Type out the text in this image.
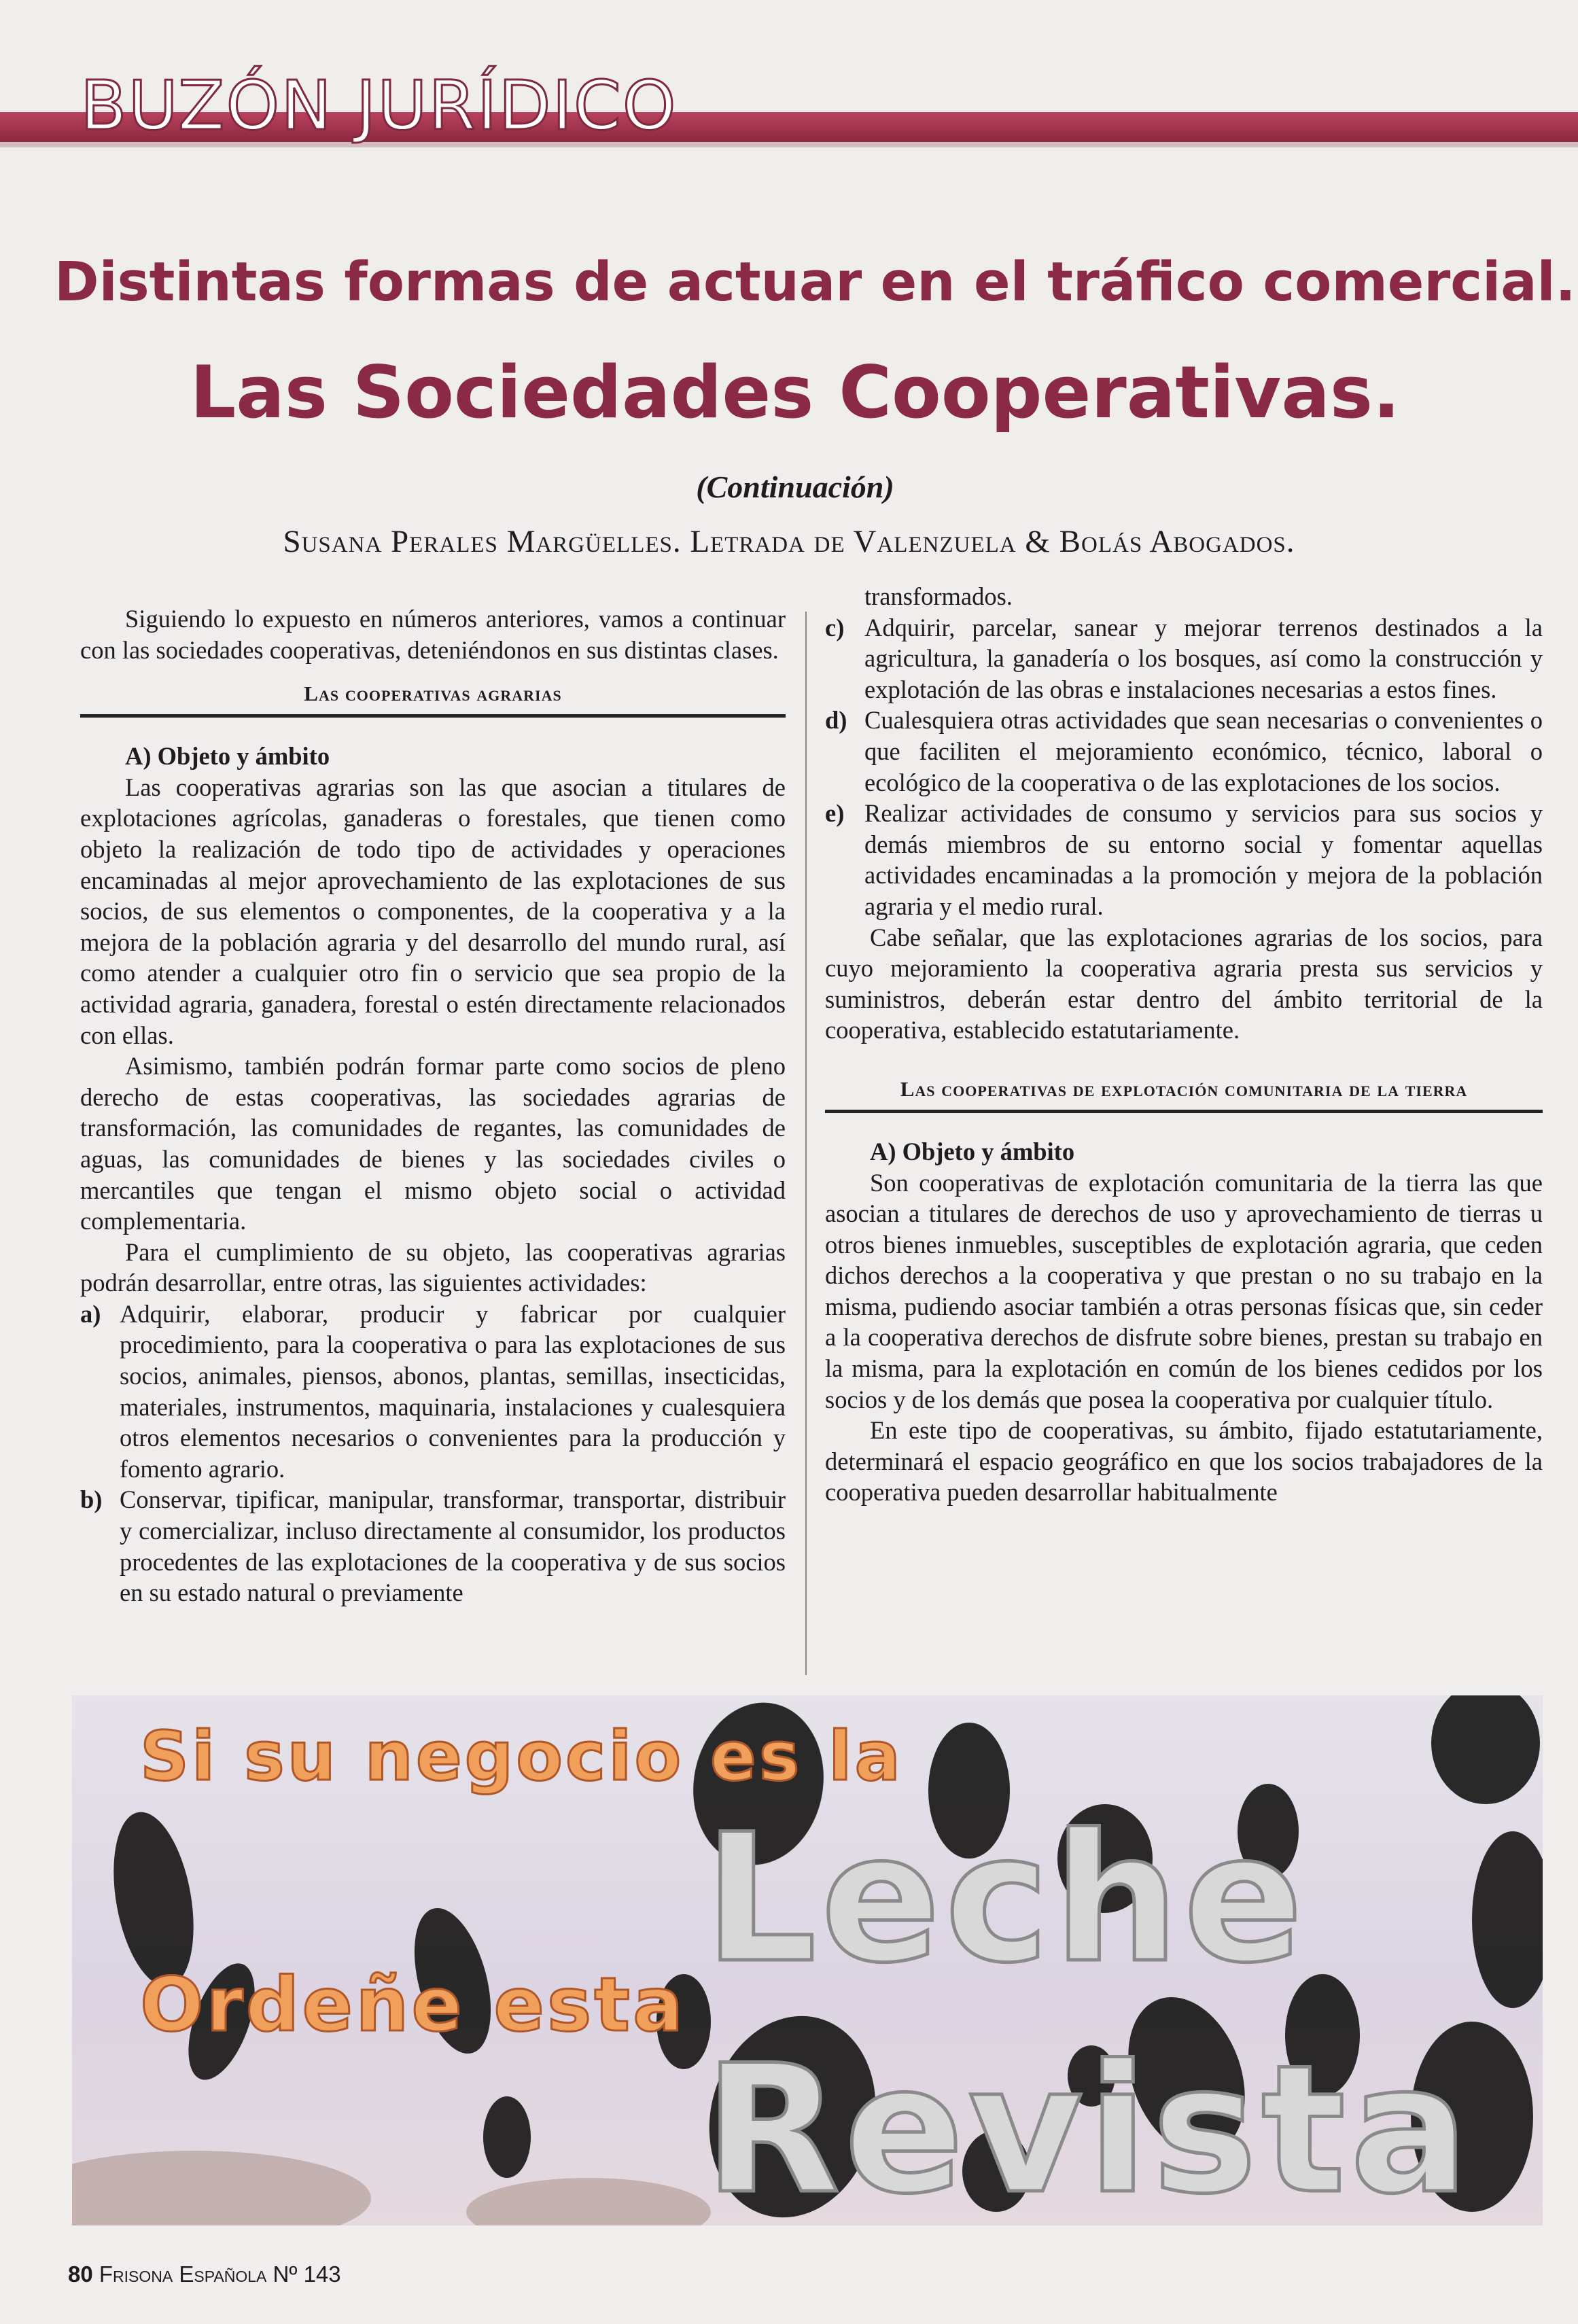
BUZÓN JURÍDICO
Distintas formas de actuar en el tráfico comercial.
Las Sociedades Cooperativas.
(Continuación)
Susana Perales Margüelles. Letrada de Valenzuela & Bolás Abogados.

Siguiendo lo expuesto en números anteriores, vamos a continuar con las sociedades cooperativas, deteniéndonos en sus distintas clases.

Las cooperativas agrarias

A) Objeto y ámbito

Las cooperativas agrarias son las que asocian a titulares de explotaciones agrícolas, ganaderas o forestales, que tienen como objeto la realización de todo tipo de actividades y operaciones encaminadas al mejor aprovechamiento de las explotaciones de sus socios, de sus elementos o componentes, de la cooperativa y a la mejora de la población agraria y del desarrollo del mundo rural, así como atender a cualquier otro fin o servicio que sea propio de la actividad agraria, ganadera, forestal o estén directamente relacionados con ellas.

Asimismo, también podrán formar parte como socios de pleno derecho de estas cooperativas, las sociedades agrarias de transformación, las comunidades de regantes, las comunidades de aguas, las comunidades de bienes y las sociedades civiles o mercantiles que tengan el mismo objeto social o actividad complementaria.

Para el cumplimiento de su objeto, las cooperativas agrarias podrán desarrollar, entre otras, las siguientes actividades:

a) Adquirir, elaborar, producir y fabricar por cualquier procedimiento, para la cooperativa o para las explotaciones de sus socios, animales, piensos, abonos, plantas, semillas, insecticidas, materiales, instrumentos, maquinaria, instalaciones y cualesquiera otros elementos necesarios o convenientes para la producción y fomento agrario.
b) Conservar, tipificar, manipular, transformar, transportar, distribuir y comercializar, incluso directamente al consumidor, los productos procedentes de las explotaciones de la cooperativa y de sus socios en su estado natural o previamente
transformados.
c) Adquirir, parcelar, sanear y mejorar terrenos destinados a la agricultura, la ganadería o los bosques, así como la construcción y explotación de las obras e instalaciones necesarias a estos fines.
d) Cualesquiera otras actividades que sean necesarias o convenientes o que faciliten el mejoramiento económico, técnico, laboral o ecológico de la cooperativa o de las explotaciones de los socios.
e) Realizar actividades de consumo y servicios para sus socios y demás miembros de su entorno social y fomentar aquellas actividades encaminadas a la promoción y mejora de la población agraria y el medio rural.

Cabe señalar, que las explotaciones agrarias de los socios, para cuyo mejoramiento la cooperativa agraria presta sus servicios y suministros, deberán estar dentro del ámbito territorial de la cooperativa, establecido estatutariamente.

Las cooperativas de explotación comunitaria de la tierra

A) Objeto y ámbito

Son cooperativas de explotación comunitaria de la tierra las que asocian a titulares de derechos de uso y aprovechamiento de tierras u otros bienes inmuebles, susceptibles de explotación agraria, que ceden dichos derechos a la cooperativa y que prestan o no su trabajo en la misma, pudiendo asociar también a otras personas físicas que, sin ceder a la cooperativa derechos de disfrute sobre bienes, prestan su trabajo en la misma, para la explotación en común de los bienes cedidos por los socios y de los demás que posea la cooperativa por cualquier título.

En este tipo de cooperativas, su ámbito, fijado estatutariamente, determinará el espacio geográfico en que los socios trabajadores de la cooperativa pueden desarrollar habitualmente

Si su negocio es la
Leche
Ordeñe esta
Revista
80 Frisona Española Nº 143
